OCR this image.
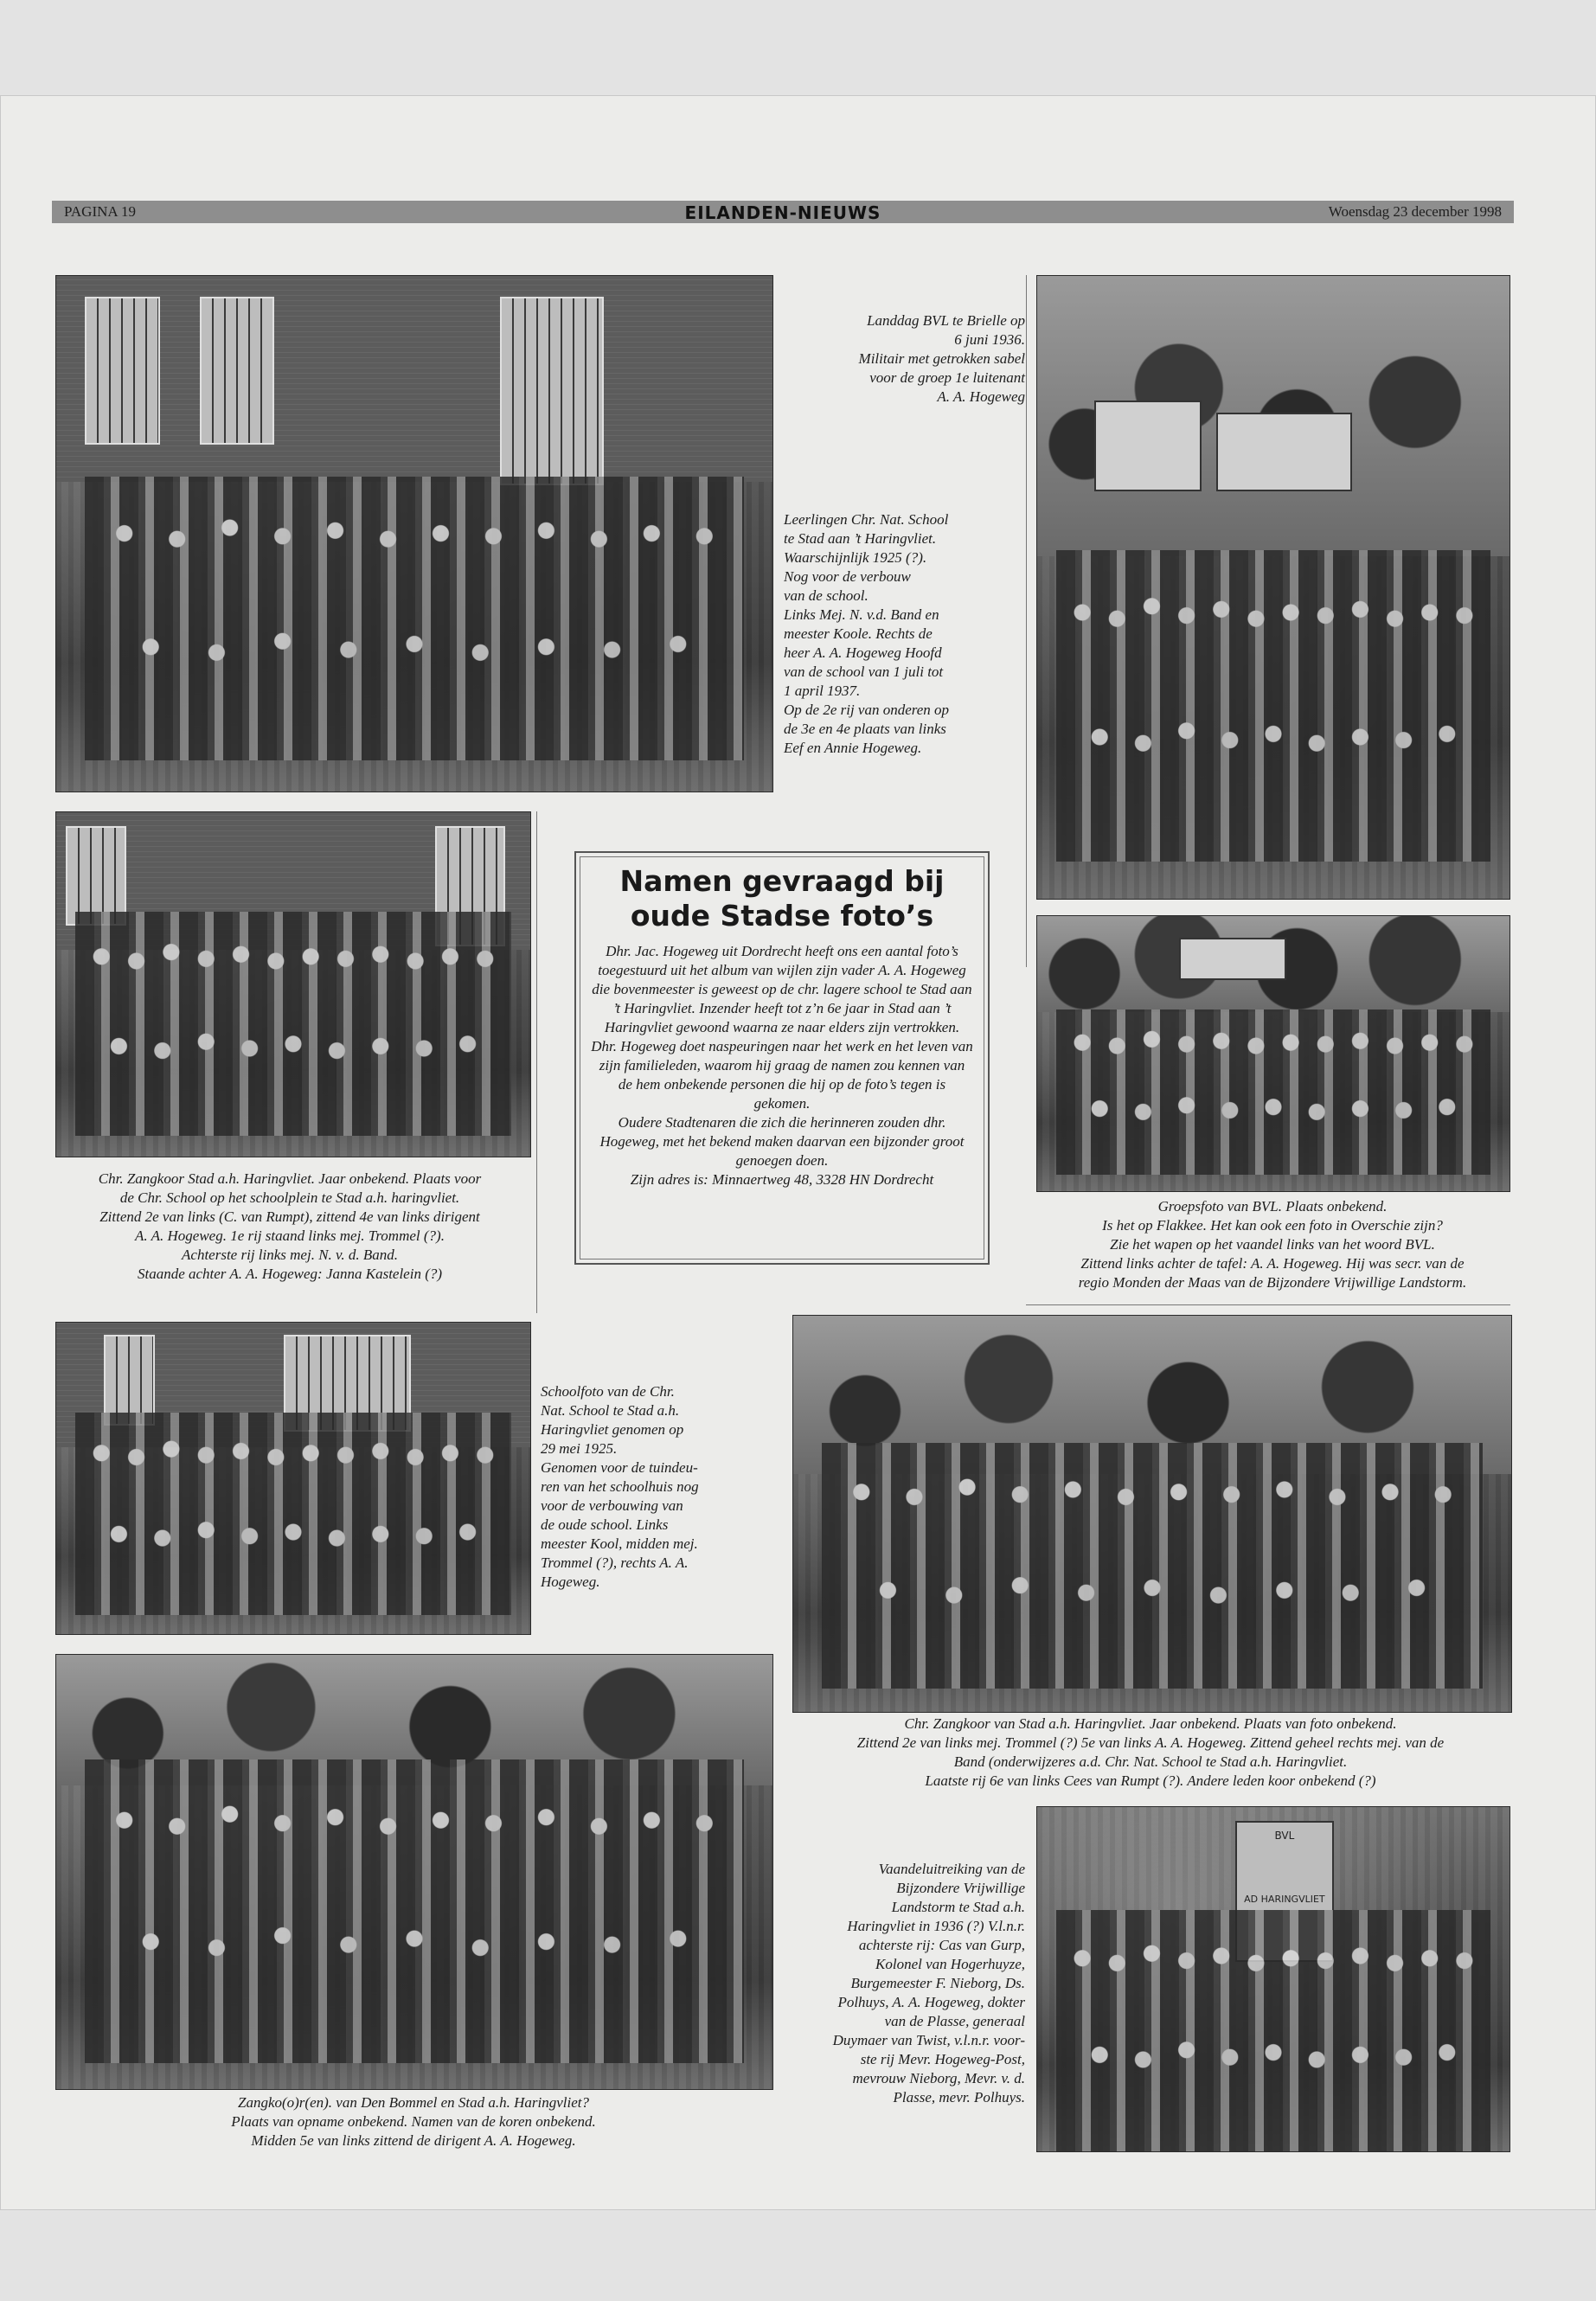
PAGINA 19	EILANDEN-NIEUWS	Woensdag 23 december 1998

Landdag BVL te Brielle op

6 juni 1936.

Militair met getrokken sabel

voor de groep 1e luitenant

A. A. Hogeweg

Leerlingen Chr. Nat. School

te Stad aan ’t Haringvliet.

Waarschijnlijk 1925 (?).

Nog voor de verbouw

van de school.

Links Mej. N. v.d. Band en

meester Koole. Rechts de

heer A. A. Hogeweg Hoofd

van de school van 1 juli tot

1 april 1937.

Op de 2e rij van onderen op

de 3e en 4e plaats van links

Eef en Annie Hogeweg.

Chr. Zangkoor Stad a.h. Haringvliet. Jaar onbekend. Plaats voor

de Chr. School op het schoolplein te Stad a.h. haringvliet.

Zittend 2e van links (C. van Rumpt), zittend 4e van links dirigent

A. A. Hogeweg. 1e rij staand links mej. Trommel (?).

Achterste rij links mej. N. v. d. Band.

Staande achter A. A. Hogeweg: Janna Kastelein (?)

Namen gevraagd bij oude Stadse foto’s

Dhr. Jac. Hogeweg uit Dordrecht heeft ons een aantal foto’s toegestuurd uit het album van wijlen zijn vader A. A. Hogeweg die bovenmeester is geweest op de chr. lagere school te Stad aan ’t Haringvliet. Inzender heeft tot z’n 6e jaar in Stad aan ’t Haringvliet gewoond waarna ze naar elders zijn vertrokken.

Dhr. Hogeweg doet naspeuringen naar het werk en het leven van zijn familieleden, waarom hij graag de namen zou kennen van de hem onbekende personen die hij op de foto’s tegen is gekomen.

Oudere Stadtenaren die zich die herinneren zouden dhr. Hogeweg, met het bekend maken daarvan een bijzonder groot genoegen doen.

Zijn adres is: Minnaertweg 48, 3328 HN Dordrecht

Groepsfoto van BVL. Plaats onbekend.

Is het op Flakkee. Het kan ook een foto in Overschie zijn?

Zie het wapen op het vaandel links van het woord BVL.

Zittend links achter de tafel: A. A. Hogeweg. Hij was secr. van de

regio Monden der Maas van de Bijzondere Vrijwillige Landstorm.

Schoolfoto van de Chr.

Nat. School te Stad a.h.

Haringvliet genomen op

29 mei 1925.

Genomen voor de tuindeu-

ren van het schoolhuis nog

voor de verbouwing van

de oude school. Links

meester Kool, midden mej.

Trommel (?), rechts A. A.

Hogeweg.

Chr. Zangkoor van Stad a.h. Haringvliet. Jaar onbekend. Plaats van foto onbekend.

Zittend 2e van links mej. Trommel (?) 5e van links A. A. Hogeweg. Zittend geheel rechts mej. van de

Band (onderwijzeres a.d. Chr. Nat. School te Stad a.h. Haringvliet.

Laatste rij 6e van links Cees van Rumpt (?). Andere leden koor onbekend (?)

Zangko(o)r(en). van Den Bommel en Stad a.h. Haringvliet?

Plaats van opname onbekend. Namen van de koren onbekend.

Midden 5e van links zittend de dirigent A. A. Hogeweg.

Vaandeluitreiking van de

Bijzondere Vrijwillige

Landstorm te Stad a.h.

Haringvliet in 1936 (?) V.l.n.r.

achterste rij: Cas van Gurp,

Kolonel van Hogerhuyze,

Burgemeester F. Nieborg, Ds.

Polhuys, A. A. Hogeweg, dokter

van de Plasse, generaal

Duymaer van Twist, v.l.n.r. voor-

ste rij Mevr. Hogeweg-Post,

mevrouw Nieborg, Mevr. v. d.

Plasse, mevr. Polhuys.

BVL
AD HARINGVLIET
